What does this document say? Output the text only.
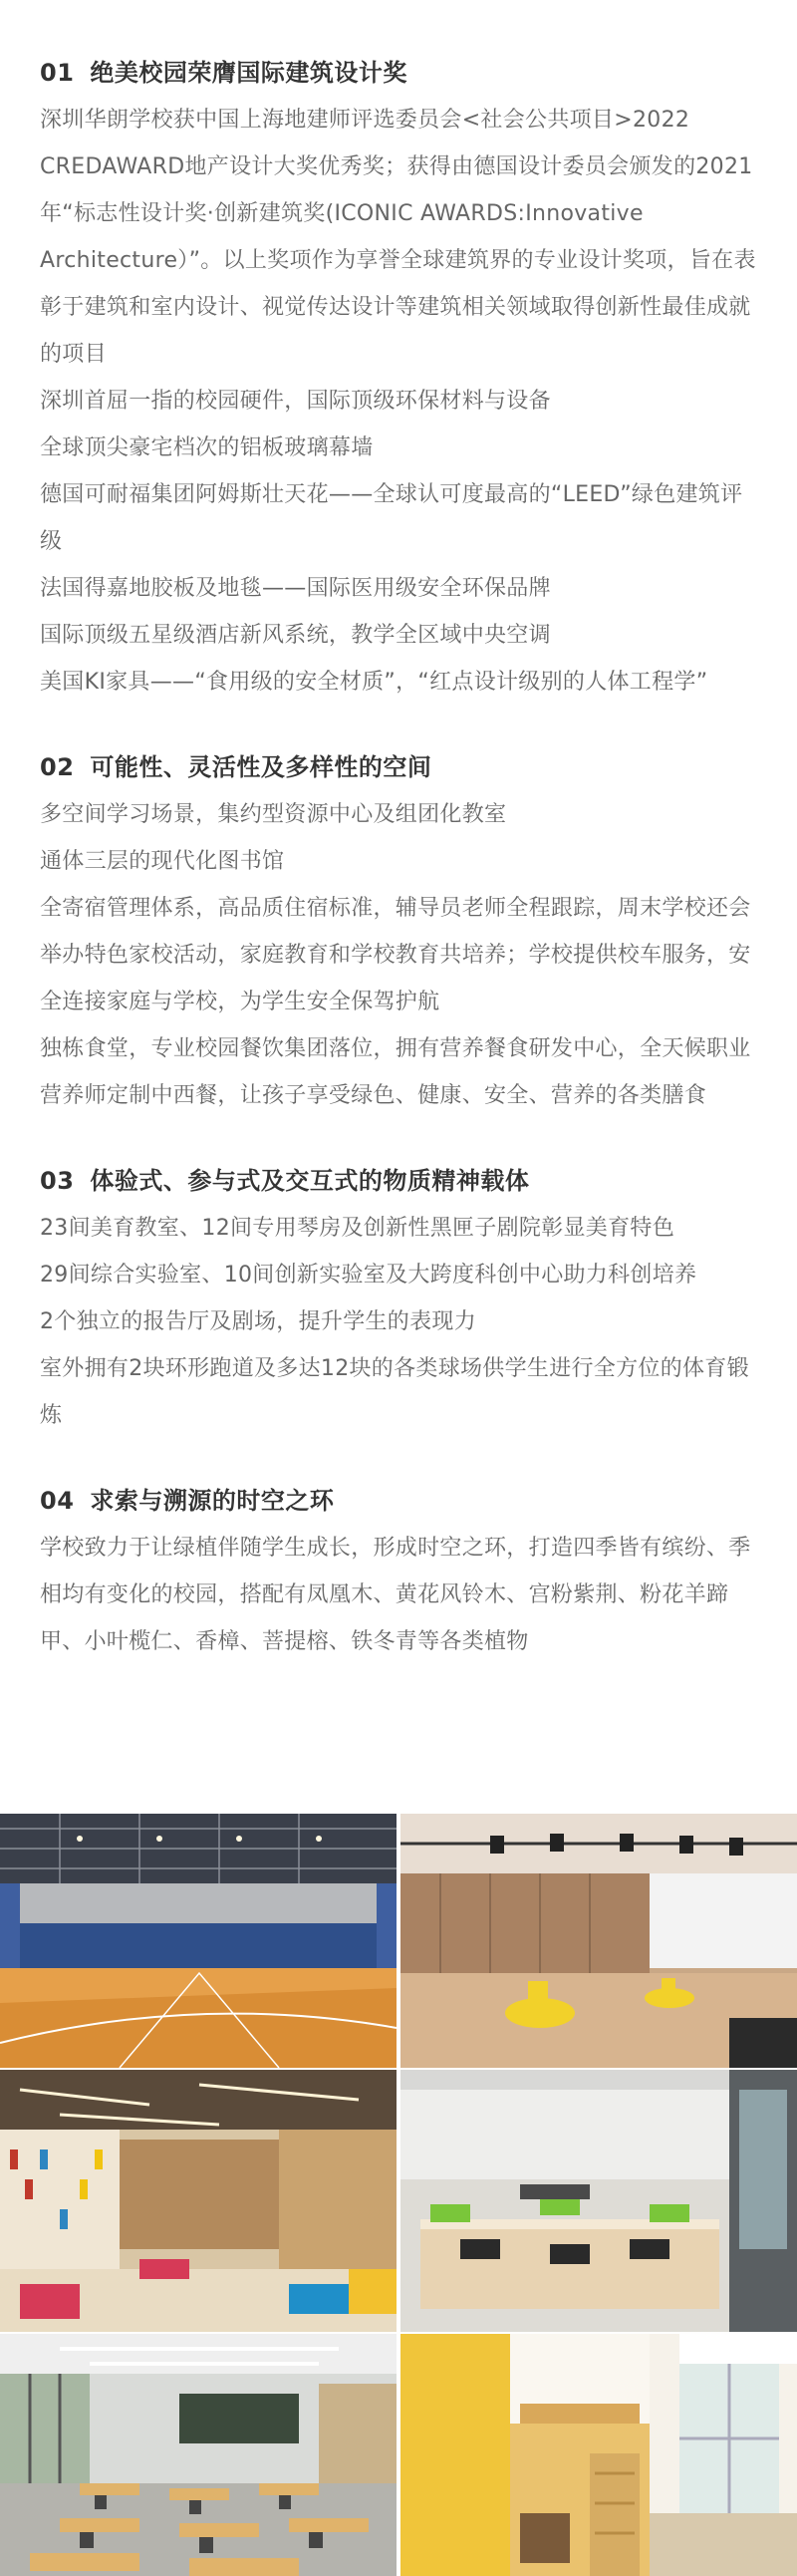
01 绝美校园荣膺国际建筑设计奖

深圳华朗学校获中国上海地建师评选委员会<社会公共项目>2022 CREDAWARD地产设计大奖优秀奖；获得由德国设计委员会颁发的2021年“标志性设计奖·创新建筑奖(ICONIC AWARDS:Innovative Architecture）”。以上奖项作为享誉全球建筑界的专业设计奖项，旨在表彰于建筑和室内设计、视觉传达设计等建筑相关领域取得创新性最佳成就的项目

深圳首屈一指的校园硬件，国际顶级环保材料与设备

全球顶尖豪宅档次的铝板玻璃幕墙

德国可耐福集团阿姆斯壮天花——全球认可度最高的“LEED”绿色建筑评级

法国得嘉地胶板及地毯——国际医用级安全环保品牌

国际顶级五星级酒店新风系统，教学全区域中央空调

美国KI家具——“食用级的安全材质”，“红点设计级别的人体工程学”

02 可能性、灵活性及多样性的空间

多空间学习场景，集约型资源中心及组团化教室

通体三层的现代化图书馆

全寄宿管理体系，高品质住宿标准，辅导员老师全程跟踪，周末学校还会举办特色家校活动，家庭教育和学校教育共培养；学校提供校车服务，安全连接家庭与学校，为学生安全保驾护航

独栋食堂，专业校园餐饮集团落位，拥有营养餐食研发中心，全天候职业营养师定制中西餐，让孩子享受绿色、健康、安全、营养的各类膳食

03 体验式、参与式及交互式的物质精神载体

23间美育教室、12间专用琴房及创新性黑匣子剧院彰显美育特色

29间综合实验室、10间创新实验室及大跨度科创中心助力科创培养

2个独立的报告厅及剧场，提升学生的表现力

室外拥有2块环形跑道及多达12块的各类球场供学生进行全方位的体育锻炼

04 求索与溯源的时空之环

学校致力于让绿植伴随学生成长，形成时空之环，打造四季皆有缤纷、季相均有变化的校园，搭配有凤凰木、黄花风铃木、宫粉紫荆、粉花羊蹄甲、小叶榄仁、香樟、菩提榕、铁冬青等各类植物
